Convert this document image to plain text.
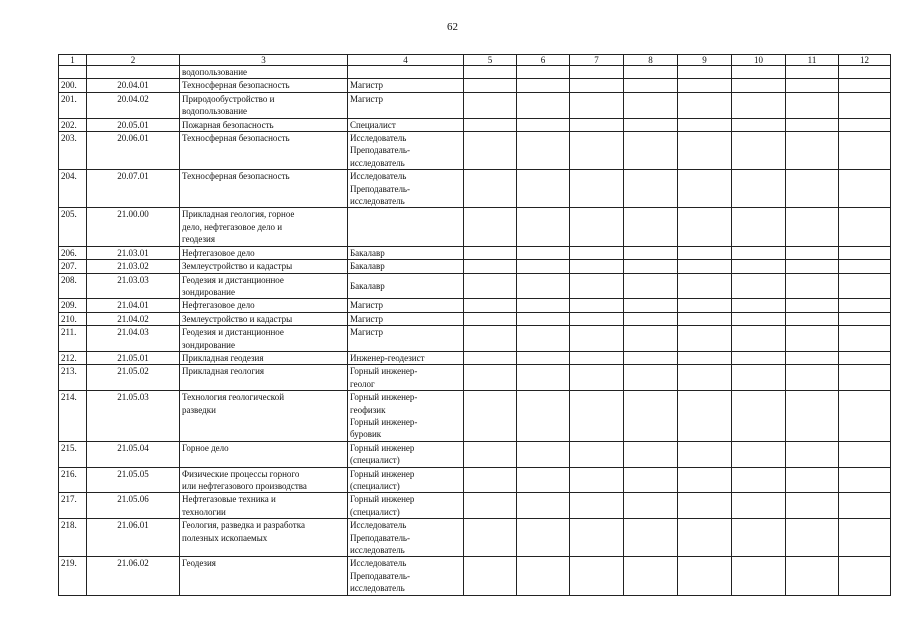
62
1	2	3	4	5	6	7	8	9	10	11	12
		водопользование									
200.	20.04.01	Техносферная безопасность	Магистр								
201.	20.04.02	Природообустройство и
водопользование	Магистр								
202.	20.05.01	Пожарная безопасность	Специалист								
203.	20.06.01	Техносферная безопасность	Исследователь
Преподаватель-
исследователь								
204.	20.07.01	Техносферная безопасность	Исследователь
Преподаватель-
исследователь								
205.	21.00.00	Прикладная геология, горное
дело, нефтегазовое дело и
геодезия									
206.	21.03.01	Нефтегазовое дело	Бакалавр								
207.	21.03.02	Землеустройство и кадастры	Бакалавр								
208.	21.03.03	Геодезия и дистанционное
зондирование	Бакалавр								
209.	21.04.01	Нефтегазовое дело	Магистр								
210.	21.04.02	Землеустройство и кадастры	Магистр								
211.	21.04.03	Геодезия и дистанционное
зондирование	Магистр								
212.	21.05.01	Прикладная геодезия	Инженер-геодезист								
213.	21.05.02	Прикладная геология	Горный инженер-
геолог								
214.	21.05.03	Технология геологической
разведки	Горный инженер-
геофизик
Горный инженер-
буровик								
215.	21.05.04	Горное дело	Горный инженер
(специалист)								
216.	21.05.05	Физические процессы горного
или нефтегазового производства	Горный инженер
(специалист)								
217.	21.05.06	Нефтегазовые техника и
технологии	Горный инженер
(специалист)								
218.	21.06.01	Геология, разведка и разработка
полезных ископаемых	Исследователь
Преподаватель-
исследователь								
219.	21.06.02	Геодезия	Исследователь
Преподаватель-
исследователь								
